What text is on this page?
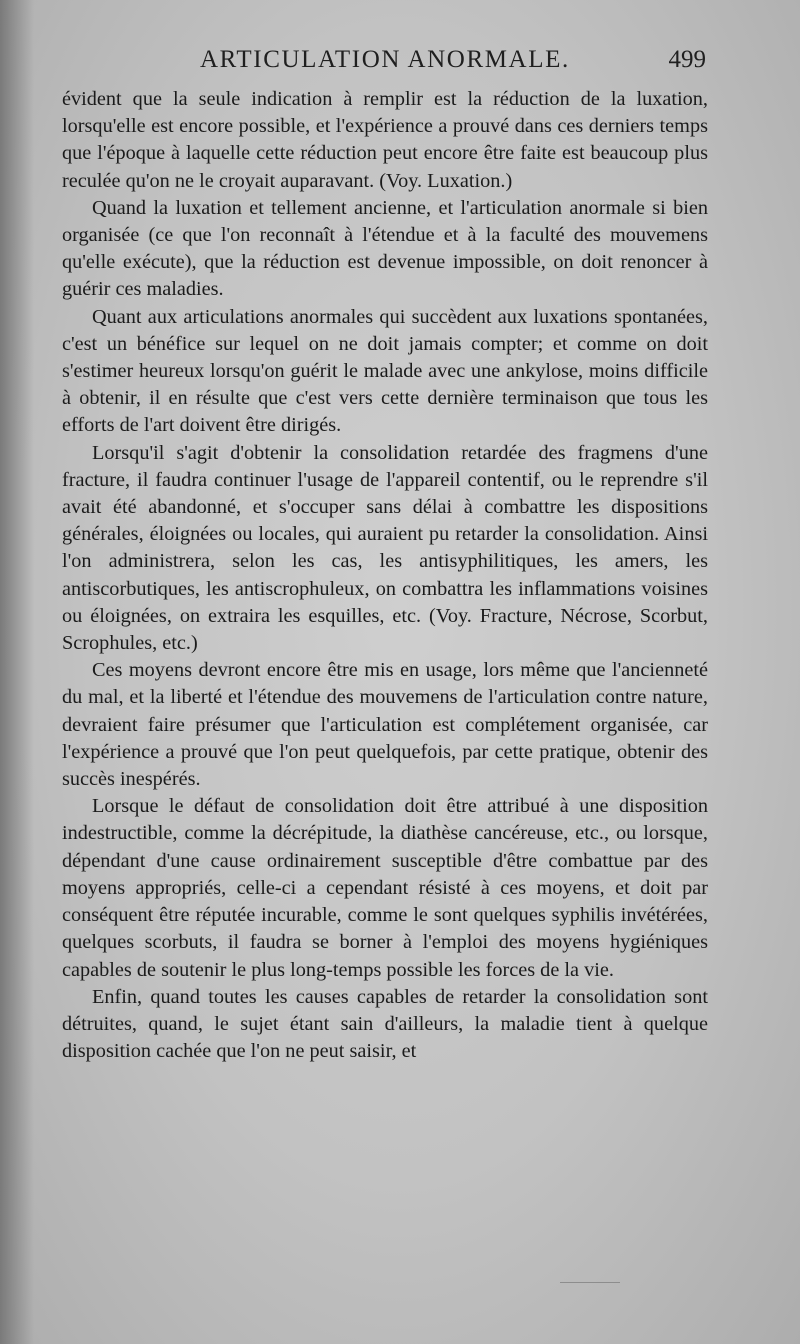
ARTICULATION ANORMALE.	499

évident que la seule indication à remplir est la réduction de la luxation, lorsqu'elle est encore possible, et l'expérience a prouvé dans ces derniers temps que l'époque à laquelle cette réduction peut encore être faite est beaucoup plus reculée qu'on ne le croyait auparavant. (Voy. Luxation.)

Quand la luxation et tellement ancienne, et l'articulation anormale si bien organisée (ce que l'on reconnaît à l'étendue et à la faculté des mouvemens qu'elle exécute), que la réduction est devenue impossible, on doit renoncer à guérir ces maladies.

Quant aux articulations anormales qui succèdent aux luxations spontanées, c'est un bénéfice sur lequel on ne doit jamais compter; et comme on doit s'estimer heureux lorsqu'on guérit le malade avec une ankylose, moins difficile à obtenir, il en résulte que c'est vers cette dernière terminaison que tous les efforts de l'art doivent être dirigés.

Lorsqu'il s'agit d'obtenir la consolidation retardée des fragmens d'une fracture, il faudra continuer l'usage de l'appareil contentif, ou le reprendre s'il avait été abandonné, et s'occuper sans délai à combattre les dispositions générales, éloignées ou locales, qui auraient pu retarder la consolidation. Ainsi l'on administrera, selon les cas, les antisyphilitiques, les amers, les antiscorbutiques, les antiscrophuleux, on combattra les inflammations voisines ou éloignées, on extraira les esquilles, etc. (Voy. Fracture, Nécrose, Scorbut, Scrophules, etc.)

Ces moyens devront encore être mis en usage, lors même que l'ancienneté du mal, et la liberté et l'étendue des mouvemens de l'articulation contre nature, devraient faire présumer que l'articulation est complétement organisée, car l'expérience a prouvé que l'on peut quelquefois, par cette pratique, obtenir des succès inespérés.

Lorsque le défaut de consolidation doit être attribué à une disposition indestructible, comme la décrépitude, la diathèse cancéreuse, etc., ou lorsque, dépendant d'une cause ordinairement susceptible d'être combattue par des moyens appropriés, celle-ci a cependant résisté à ces moyens, et doit par conséquent être réputée incurable, comme le sont quelques syphilis invétérées, quelques scorbuts, il faudra se borner à l'emploi des moyens hygiéniques capables de soutenir le plus long-temps possible les forces de la vie.

Enfin, quand toutes les causes capables de retarder la consolidation sont détruites, quand, le sujet étant sain d'ailleurs, la maladie tient à quelque disposition cachée que l'on ne peut saisir, et
